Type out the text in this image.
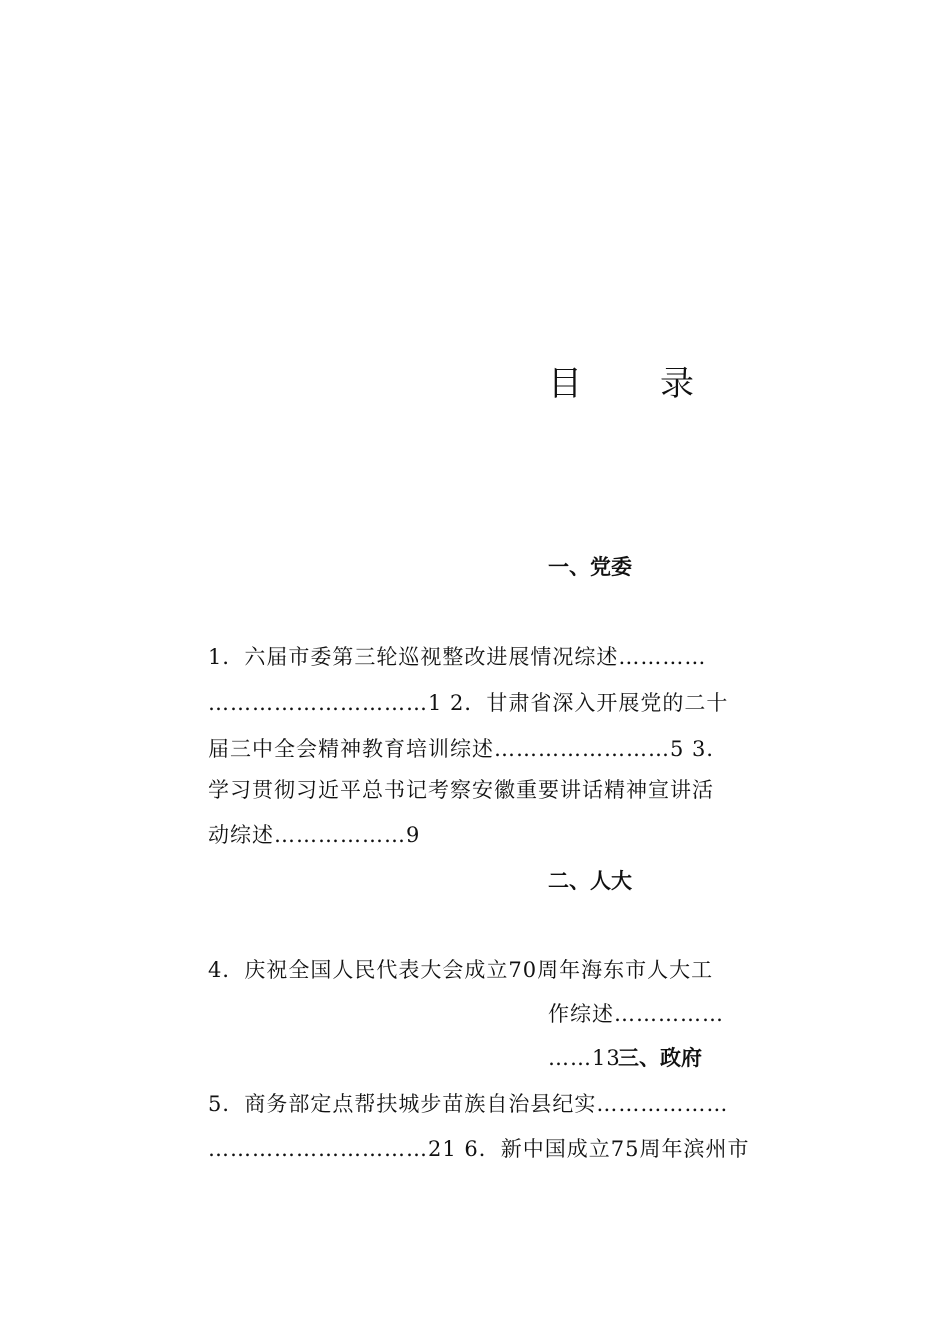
目　录
一、党委
1．六届市委第三轮巡视整改进展情况综述…………
…………………………1 2．甘肃省深入开展党的二十
届三中全会精神教育培训综述……………………5 3．
学习贯彻习近平总书记考察安徽重要讲话精神宣讲活
动综述………………9
二、人大
4．庆祝全国人民代表大会成立70周年海东市人大工
作综述……………
……13
三、政府
5．商务部定点帮扶城步苗族自治县纪实………………
…………………………21 6．新中国成立75周年滨州市
